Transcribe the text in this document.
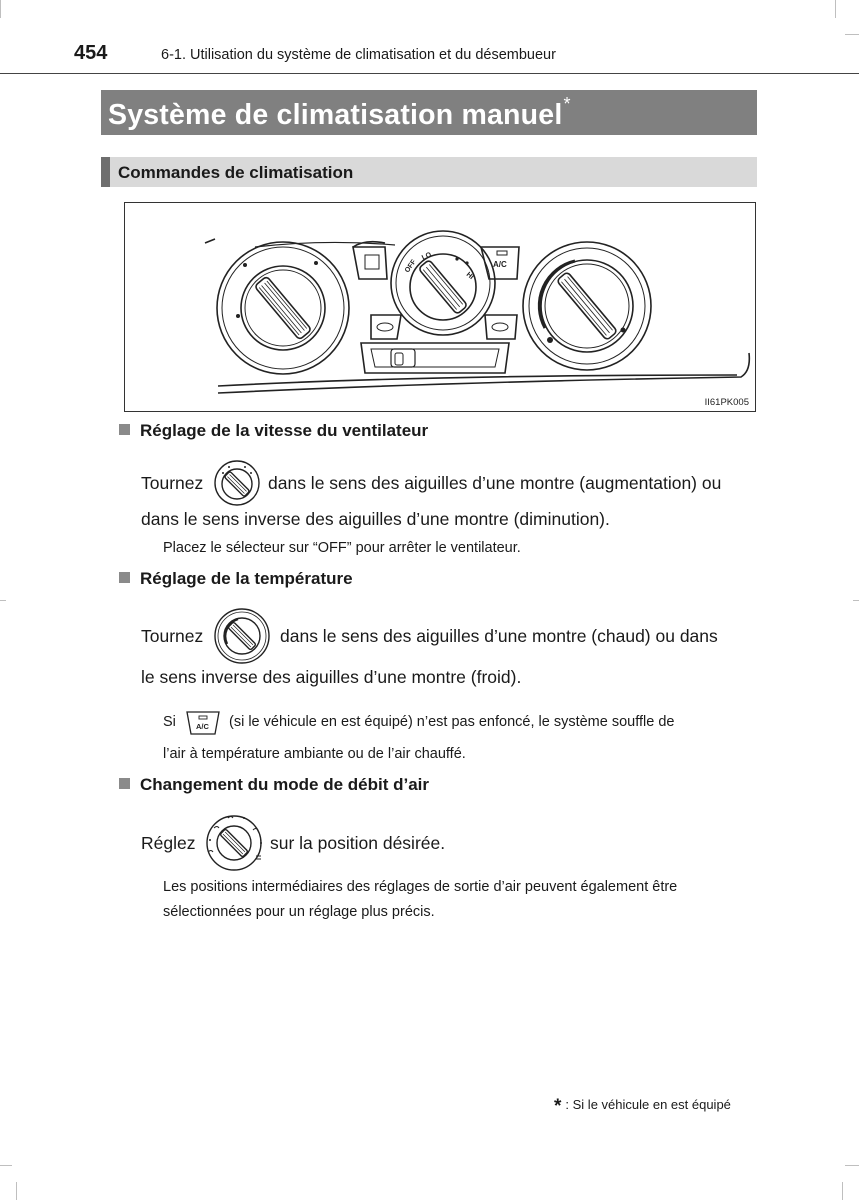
454	6-1. Utilisation du système de climatisation et du désembueur
Système de climatisation manuel*
Commandes de climatisation
OFF
LO
HI
A/C
II61PK005
Réglage de la vitesse du ventilateur
Tournez	dans le sens des aiguilles d’une montre (augmentation) ou
dans le sens inverse des aiguilles d’une montre (diminution).
Placez le sélecteur sur “OFF” pour arrêter le ventilateur.
Réglage de la température
Tournez	dans le sens des aiguilles d’une montre (chaud) ou dans
le sens inverse des aiguilles d’une montre (froid).
Si	A/C (si le véhicule en est équipé) n’est pas enfoncé, le système souffle de
l’air à température ambiante ou de l’air chauffé.
Changement du mode de débit d’air
Réglez	sur la position désirée.
Les positions intermédiaires des réglages de sortie d’air peuvent également être
sélectionnées pour un réglage plus précis.
* : Si le véhicule en est équipé
